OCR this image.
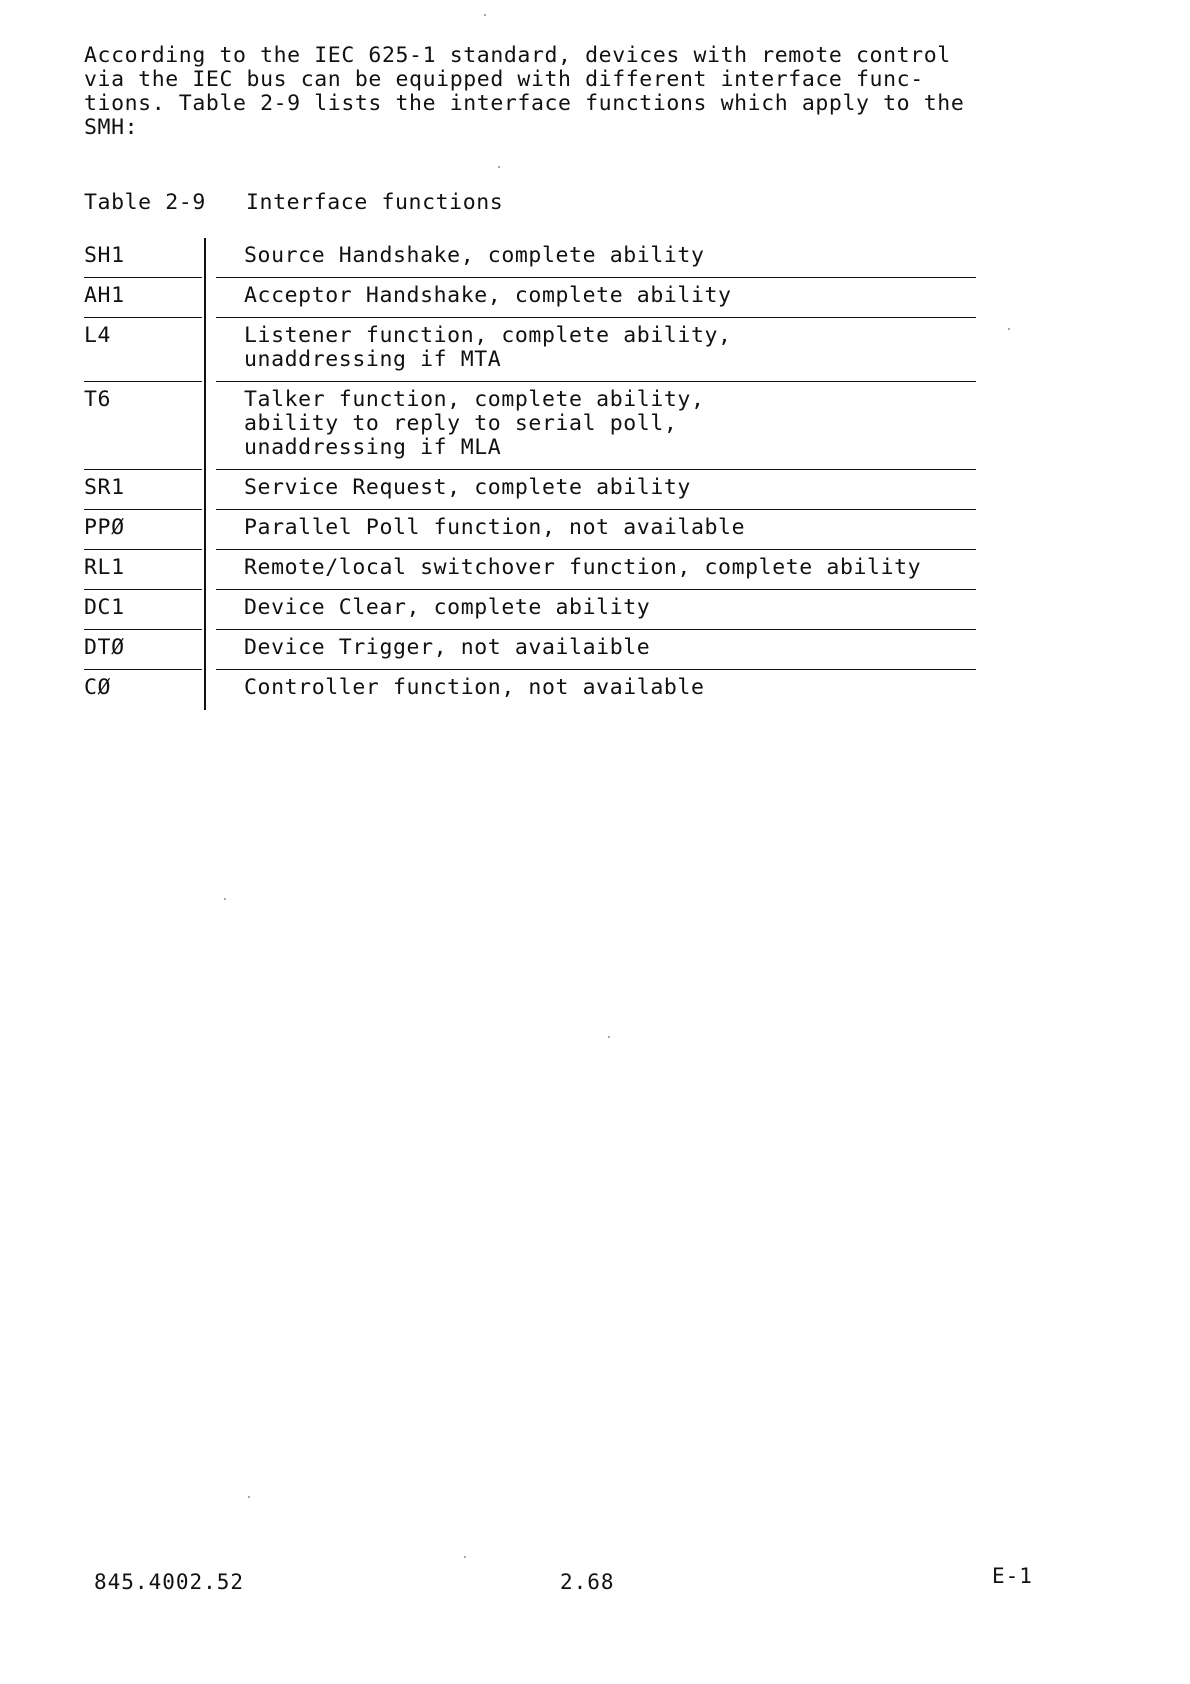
According to the IEC 625-1 standard, devices with remote control
via the IEC bus can be equipped with different interface func-
tions. Table 2-9 lists the interface functions which apply to the
SMH:
Table 2-9 Interface functions
SH1	Source Handshake, complete ability
AH1	Acceptor Handshake, complete ability
L4	Listener function, complete ability,
unaddressing if MTA
T6	Talker function, complete ability,
ability to reply to serial poll,
unaddressing if MLA
SR1	Service Request, complete ability
PPØ	Parallel Poll function, not available
RL1	Remote/local switchover function, complete ability
DC1	Device Clear, complete ability
DTØ	Device Trigger, not availaible
CØ	Controller function, not available
845.4002.52	2.68	E-1
